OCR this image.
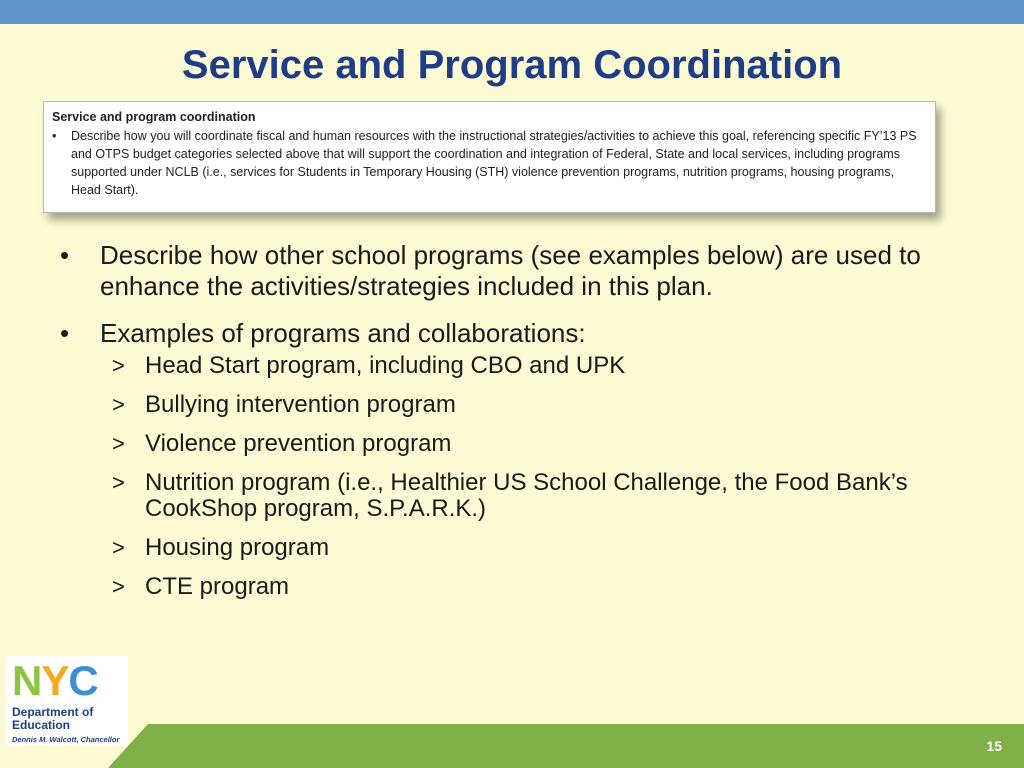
Service and Program Coordination
Service and program coordination
• Describe how you will coordinate fiscal and human resources with the instructional strategies/activities to achieve this goal, referencing specific FY’13 PS and OTPS budget categories selected above that will support the coordination and integration of Federal, State and local services, including programs supported under NCLB (i.e., services for Students in Temporary Housing (STH) violence prevention programs, nutrition programs, housing programs, Head Start).
• Describe how other school programs (see examples below) are used to enhance the activities/strategies included in this plan.
• Examples of programs and collaborations:
> Head Start program, including CBO and UPK
> Bullying intervention program
> Violence prevention program
> Nutrition program (i.e., Healthier US School Challenge, the Food Bank’s CookShop program, S.P.A.R.K.)
> Housing program
> CTE program
15
NYC
Department of Education
Dennis M. Walcott, Chancellor
